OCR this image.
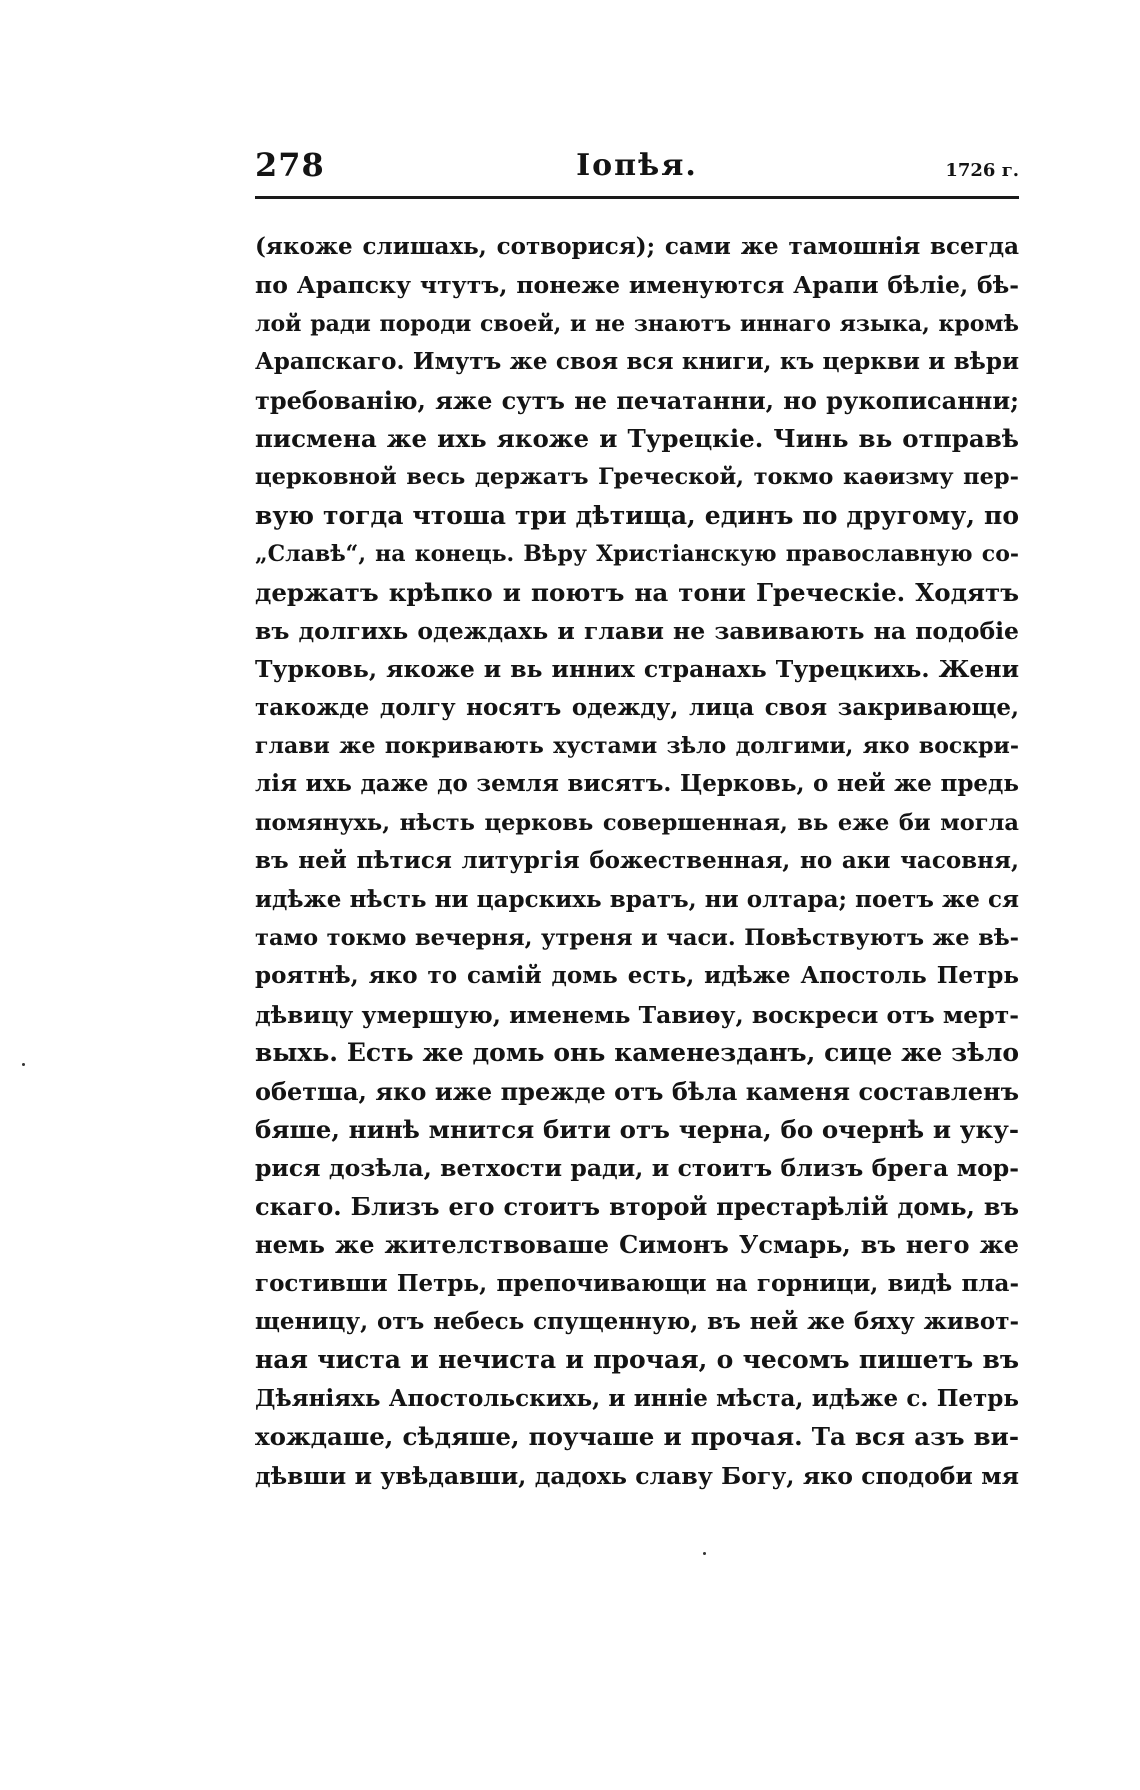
278	Іопѣя.	1726 г.
(якоже слишахь, сотворися); сами же тамошнія всегда
по Арапску чтутъ, понеже именуются Арапи бѣліе, бѣ-
лой ради породи своей, и не знаютъ иннаго языка, кромѣ
Арапскаго. Имутъ же своя вся книги, къ церкви и вѣри
требованію, яже сутъ не печатанни, но рукописанни;
писмена же ихь якоже и Турецкіе. Чинь вь отправѣ
церковной весь держатъ Греческой, токмо каѳизму пер-
вую тогда чтоша три дѣтища, единъ по другому, по
„Славѣ“, на конець. Вѣру Христіанскую православную со-
держатъ крѣпко и поютъ на тони Греческіе. Ходятъ
въ долгихь одеждахь и глави не завивають на подобіе
Турковь, якоже и вь инних странахь Турецкихь. Жени
такожде долгу носятъ одежду, лица своя закривающе,
глави же покривають хустами зѣло долгими, яко воскри-
лія ихь даже до земля висятъ. Церковь, о ней же предь
помянухь, нѣсть церковь совершенная, вь еже би могла
въ ней пѣтися литургія божественная, но аки часовня,
идѣже нѣсть ни царскихь вратъ, ни олтара; поетъ же ся
тамо токмо вечерня, утреня и часи. Повѣствуютъ же вѣ-
роятнѣ, яко то самій домь есть, идѣже Апостоль Петрь
дѣвицу умершую, именемь Тавиѳу, воскреси отъ мерт-
выхь. Есть же домь онь каменезданъ, сице же зѣло
обетша, яко иже прежде отъ бѣла каменя составленъ
бяше, нинѣ мнится бити отъ черна, бо очернѣ и уку-
рися дозѣла, ветхости ради, и стоитъ близъ брега мор-
скаго. Близъ его стоитъ второй престарѣлій домь, въ
немь же жителствоваше Симонъ Усмарь, въ него же
гостивши Петрь, препочивающи на горници, видѣ пла-
щеницу, отъ небесь спущенную, въ ней же бяху живот-
ная чиста и нечиста и прочая, о чесомъ пишетъ въ
Дѣяніяхь Апостольскихь, и инніе мѣста, идѣже с. Петрь
хождаше, сѣдяше, поучаше и прочая. Та вся азъ ви-
дѣвши и увѣдавши, дадохь славу Богу, яко сподоби мя
